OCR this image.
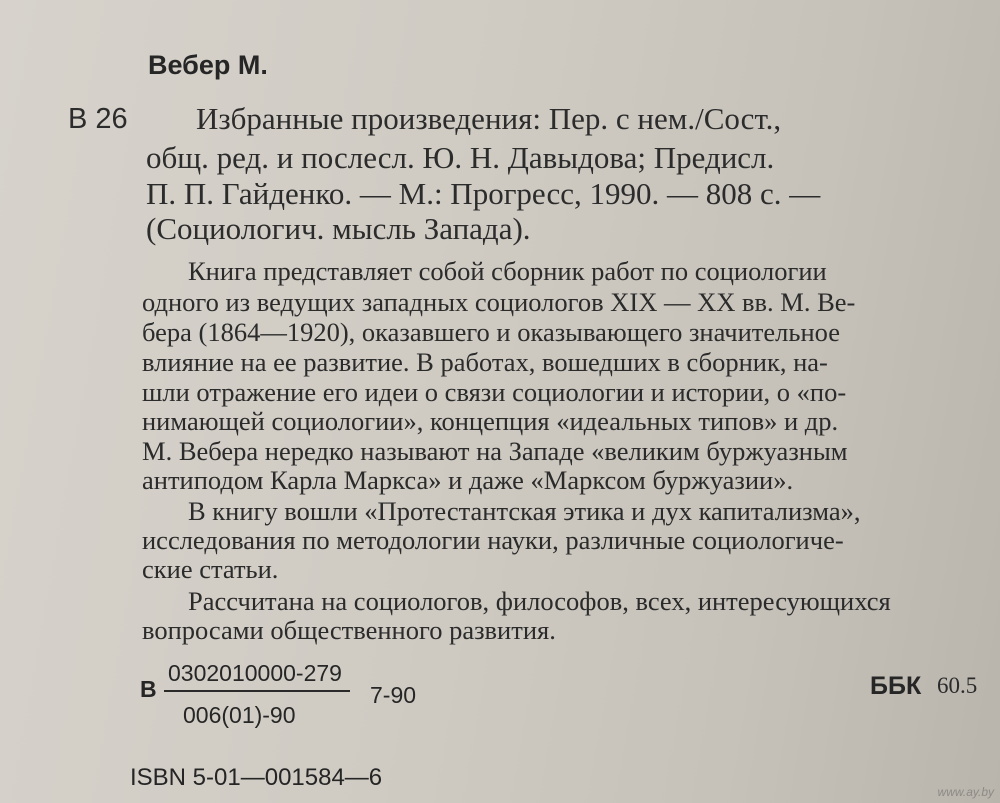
Вебер М.
В 26 Избранные произведения: Пер. с нем./Сост.,
общ. ред. и послесл. Ю. Н. Давыдова; Предисл.
П. П. Гайденко. — М.: Прогресс, 1990. — 808 с. —
(Социологич. мысль Запада).
Книга представляет собой сборник работ по социологии
одного из ведущих западных социологов XIX — XX вв. М. Ве-
бера (1864—1920), оказавшего и оказывающего значительное
влияние на ее развитие. В работах, вошедших в сборник, на-
шли отражение его идеи о связи социологии и истории, о «по-
нимающей социологии», концепция «идеальных типов» и др.
М. Вебера нередко называют на Западе «великим буржуазным
антиподом Карла Маркса» и даже «Марксом буржуазии».
В книгу вошли «Протестантская этика и дух капитализма»,
исследования по методологии науки, различные социологиче-
ские статьи.
Рассчитана на социологов, философов, всех, интересующихся
вопросами общественного развития.
В
0302010000-279
006(01)-90
7-90	ББК 60.5
ISBN 5-01—001584—6
www.ay.by
